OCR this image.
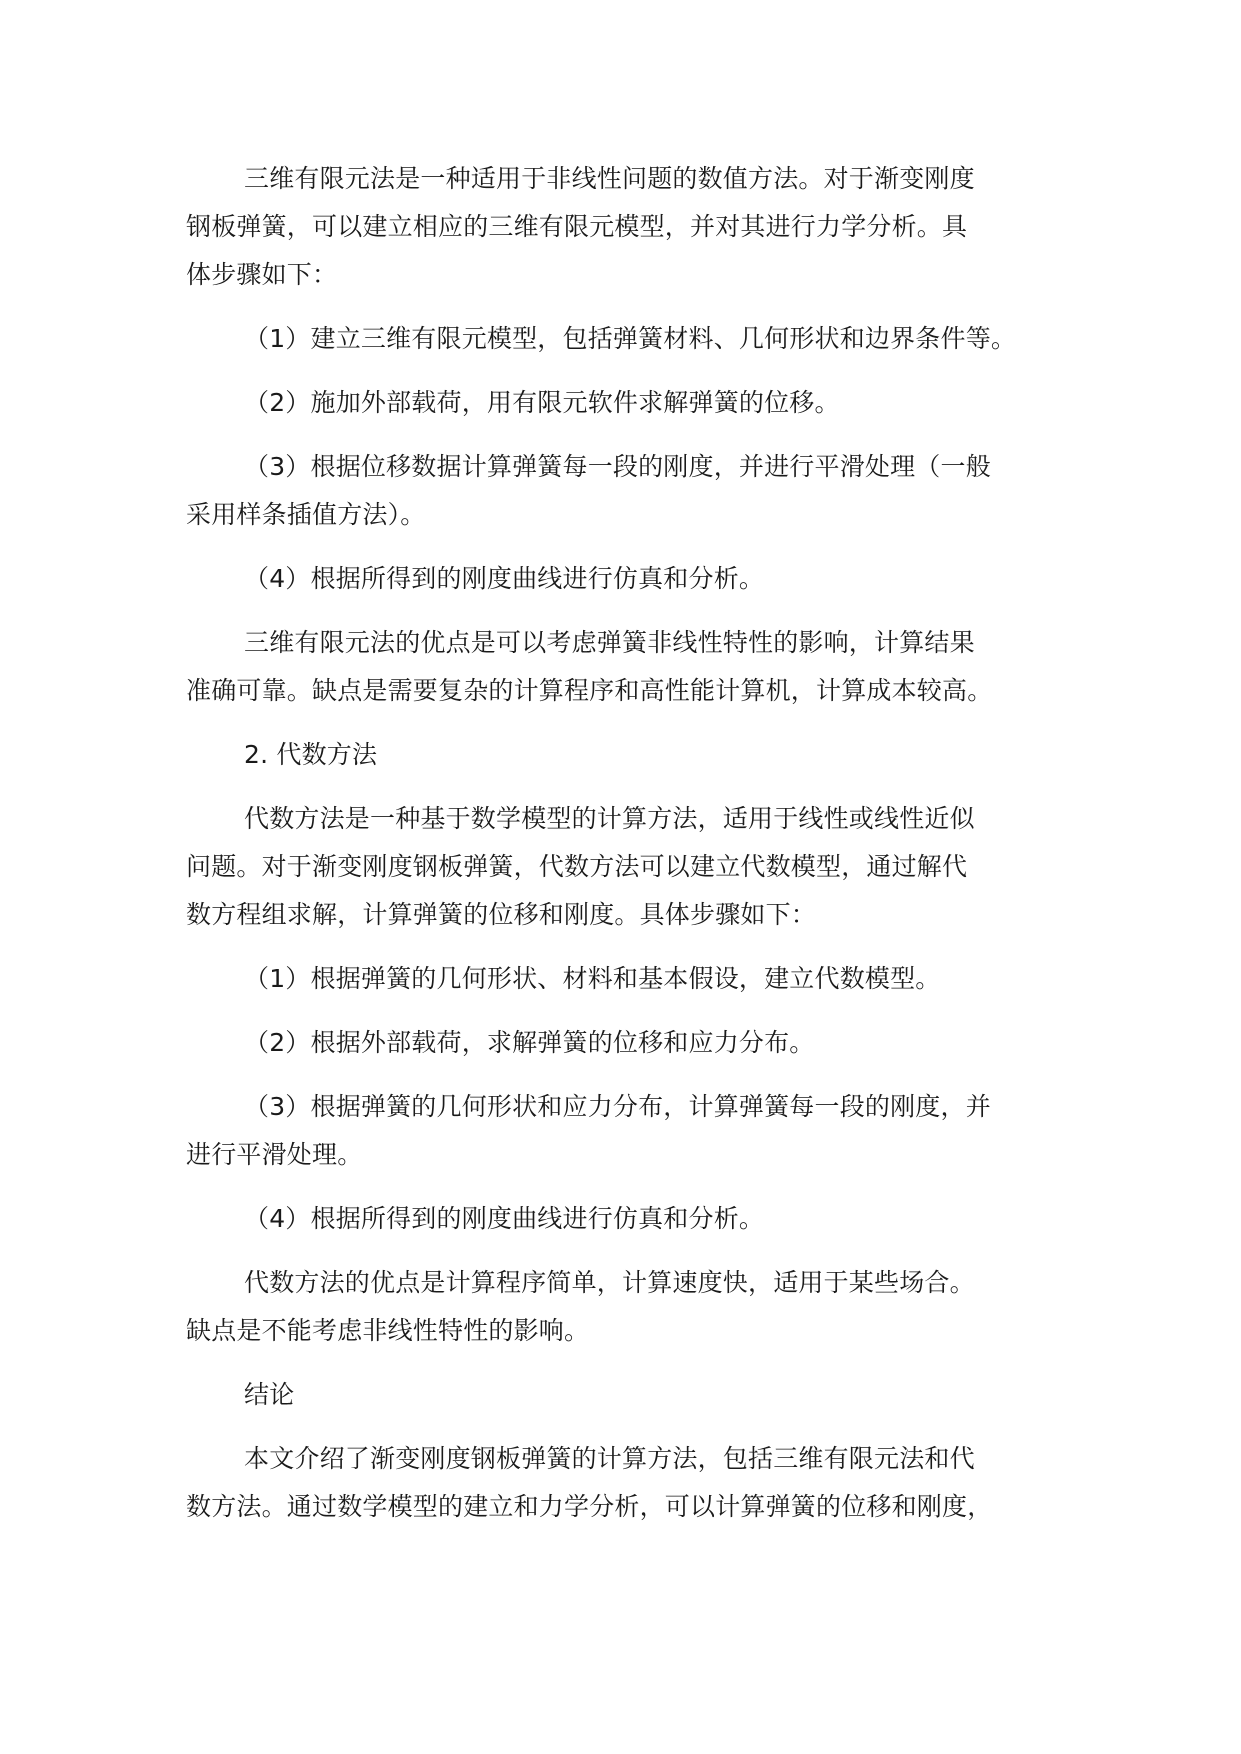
三维有限元法是一种适用于非线性问题的数值方法。对于渐变刚度
钢板弹簧，可以建立相应的三维有限元模型，并对其进行力学分析。具
体步骤如下：

（1）建立三维有限元模型，包括弹簧材料、几何形状和边界条件等。

（2）施加外部载荷，用有限元软件求解弹簧的位移。

（3）根据位移数据计算弹簧每一段的刚度，并进行平滑处理（一般
采用样条插值方法）。

（4）根据所得到的刚度曲线进行仿真和分析。

三维有限元法的优点是可以考虑弹簧非线性特性的影响，计算结果
准确可靠。缺点是需要复杂的计算程序和高性能计算机，计算成本较高。

2. 代数方法

代数方法是一种基于数学模型的计算方法，适用于线性或线性近似
问题。对于渐变刚度钢板弹簧，代数方法可以建立代数模型，通过解代
数方程组求解，计算弹簧的位移和刚度。具体步骤如下：

（1）根据弹簧的几何形状、材料和基本假设，建立代数模型。

（2）根据外部载荷，求解弹簧的位移和应力分布。

（3）根据弹簧的几何形状和应力分布，计算弹簧每一段的刚度，并
进行平滑处理。

（4）根据所得到的刚度曲线进行仿真和分析。

代数方法的优点是计算程序简单，计算速度快，适用于某些场合。
缺点是不能考虑非线性特性的影响。

结论

本文介绍了渐变刚度钢板弹簧的计算方法，包括三维有限元法和代
数方法。通过数学模型的建立和力学分析，可以计算弹簧的位移和刚度，
